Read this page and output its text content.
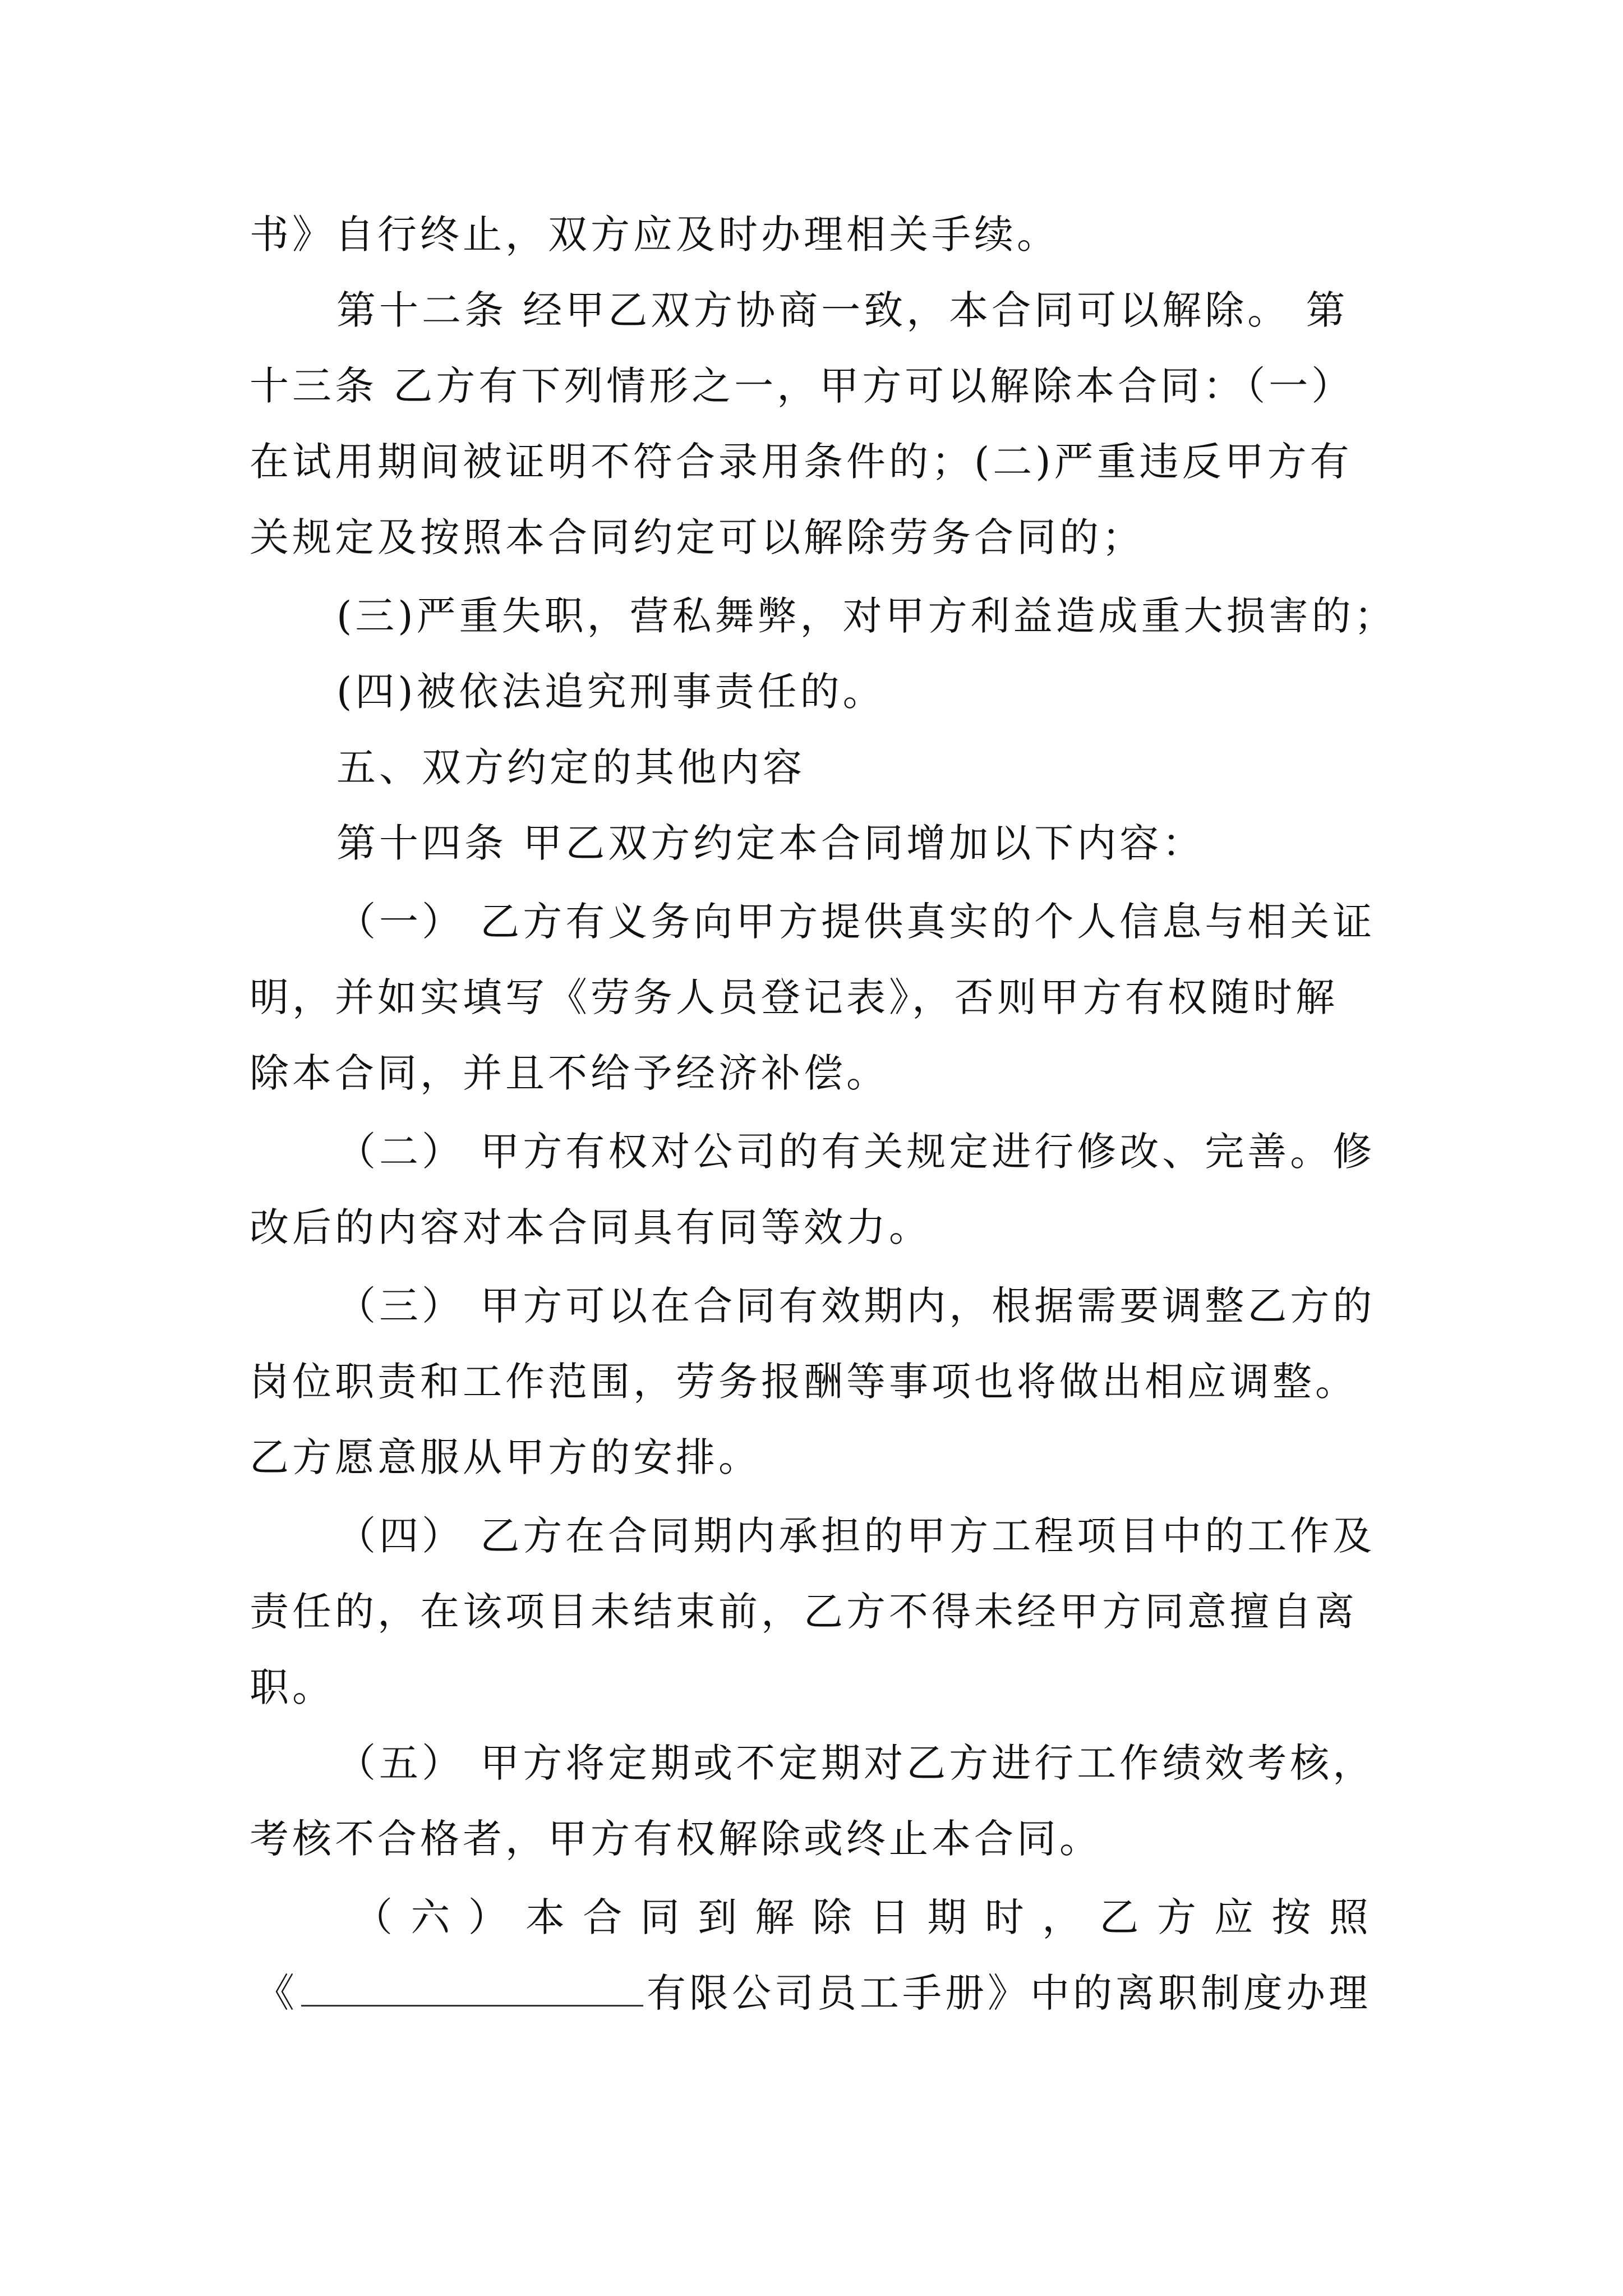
书》自行终止，双方应及时办理相关手续。
第十二条 经甲乙双方协商一致，本合同可以解除。 第
十三条 乙方有下列情形之一，甲方可以解除本合同：（一）
在试用期间被证明不符合录用条件的；(二)严重违反甲方有
关规定及按照本合同约定可以解除劳务合同的；
(三)严重失职，营私舞弊，对甲方利益造成重大损害的；
(四)被依法追究刑事责任的。
五、双方约定的其他内容
第十四条 甲乙双方约定本合同增加以下内容：
（一） 乙方有义务向甲方提供真实的个人信息与相关证
明，并如实填写《劳务人员登记表》，否则甲方有权随时解
除本合同，并且不给予经济补偿。
（二） 甲方有权对公司的有关规定进行修改、完善。修
改后的内容对本合同具有同等效力。
（三） 甲方可以在合同有效期内，根据需要调整乙方的
岗位职责和工作范围，劳务报酬等事项也将做出相应调整。
乙方愿意服从甲方的安排。
（四） 乙方在合同期内承担的甲方工程项目中的工作及
责任的，在该项目未结束前，乙方不得未经甲方同意擅自离
职。
（五） 甲方将定期或不定期对乙方进行工作绩效考核，
考核不合格者，甲方有权解除或终止本合同。
（ 六 ） 本 合 同 到 解 除 日 期 时 ， 乙 方 应 按 照
《	有限公司员工手册》中的离职制度办理
